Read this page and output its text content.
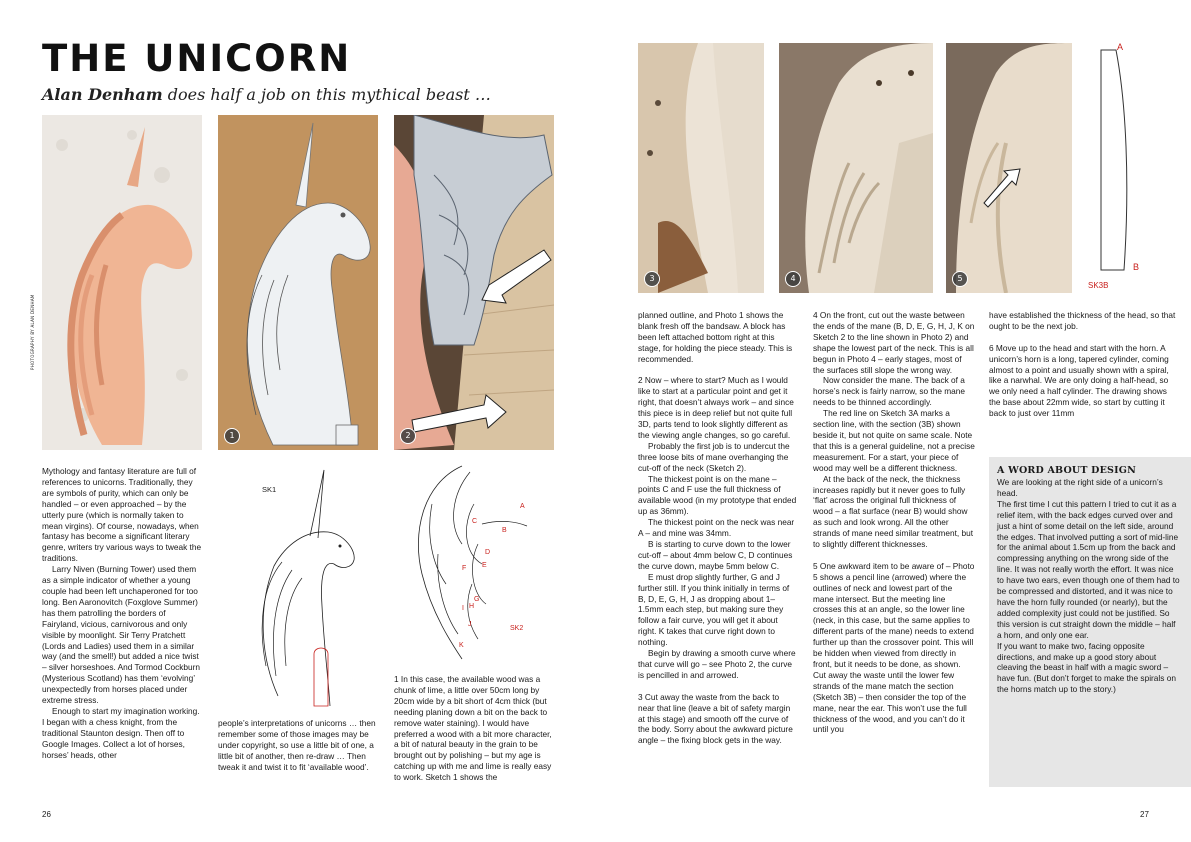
THE UNICORN
Alan Denham does half a job on this mythical beast …
PHOTOGRAPHY BY ALAN DENHAM
1	2
3	4	5
A
B
SK3B
SK1
A
B
C
D
E
F
G
H
I
J
K
SK2

Mythology and fantasy literature are full of references to unicorns. Traditionally, they are symbols of purity, which can only be handled – or even approached – by the utterly pure (which is normally taken to mean virgins). Of course, nowadays, when fantasy has become a significant literary genre, writers try various ways to tweak the traditions.

Larry Niven (Burning Tower) used them as a simple indicator of whether a young couple had been left unchaperoned for too long. Ben Aaronovitch (Foxglove Summer) has them patrolling the borders of Fairyland, vicious, carnivorous and only visible by moonlight. Sir Terry Pratchett (Lords and Ladies) used them in a similar way (and the smell!) but added a nice twist – silver horseshoes. And Tormod Cockburn (Mysterious Scotland) has them ‘evolving’ unexpectedly from horses placed under extreme stress.

Enough to start my imagination working. I began with a chess knight, from the traditional Staunton design. Then off to Google Images. Collect a lot of horses, horses’ heads, other

people’s interpretations of unicorns … then remember some of those images may be under copyright, so use a little bit of one, a little bit of another, then re-draw … Then tweak it and twist it to fit ‘available wood’.

1 In this case, the available wood was a chunk of lime, a little over 50cm long by 20cm wide by a bit short of 4cm thick (but needing planing down a bit on the back to remove water staining). I would have preferred a wood with a bit more character, a bit of natural beauty in the grain to be brought out by polishing – but my age is catching up with me and lime is really easy to work. Sketch 1 shows the

planned outline, and Photo 1 shows the blank fresh off the bandsaw. A block has been left attached bottom right at this stage, for holding the piece steady. This is recommended.

2 Now – where to start? Much as I would like to start at a particular point and get it right, that doesn’t always work – and since this piece is in deep relief but not quite full 3D, parts tend to look slightly different as the viewing angle changes, so go careful.

Probably the first job is to undercut the three loose bits of mane overhanging the cut-off of the neck (Sketch 2).

The thickest point is on the mane – points C and F use the full thickness of available wood (in my prototype that ended up as 36mm).

The thickest point on the neck was near A – and mine was 34mm.

B is starting to curve down to the lower cut-off – about 4mm below C, D continues the curve down, maybe 5mm below C.

E must drop slightly further, G and J further still. If you think initially in terms of B, D, E, G, H, J as dropping about 1–1.5mm each step, but making sure they follow a fair curve, you will get it about right. K takes that curve right down to nothing.

Begin by drawing a smooth curve where that curve will go – see Photo 2, the curve is pencilled in and arrowed.

3 Cut away the waste from the back to near that line (leave a bit of safety margin at this stage) and smooth off the curve of the body. Sorry about the awkward picture angle – the fixing block gets in the way.

4 On the front, cut out the waste between the ends of the mane (B, D, E, G, H, J, K on Sketch 2 to the line shown in Photo 2) and shape the lowest part of the neck. This is all begun in Photo 4 – early stages, most of the surfaces still slope the wrong way.

Now consider the mane. The back of a horse’s neck is fairly narrow, so the mane needs to be thinned accordingly.

The red line on Sketch 3A marks a section line, with the section (3B) shown beside it, but not quite on same scale. Note that this is a general guideline, not a precise measurement. For a start, your piece of wood may well be a different thickness.

At the back of the neck, the thickness increases rapidly but it never goes to fully ‘flat’ across the original full thickness of wood – a flat surface (near B) would show as such and look wrong. All the other strands of mane need similar treatment, but to slightly different thicknesses.

5 One awkward item to be aware of – Photo 5 shows a pencil line (arrowed) where the outlines of neck and lowest part of the mane intersect. But the meeting line crosses this at an angle, so the lower line (neck, in this case, but the same applies to different parts of the mane) needs to extend further up than the crossover point. This will be hidden when viewed from directly in front, but it needs to be done, as shown. Cut away the waste until the lower few strands of the mane match the section (Sketch 3B) – then consider the top of the mane, near the ear. This won’t use the full thickness of the wood, and you can’t do it until you

have established the thickness of the head, so that ought to be the next job.

6 Move up to the head and start with the horn. A unicorn’s horn is a long, tapered cylinder, coming almost to a point and usually shown with a spiral, like a narwhal. We are only doing a half-head, so we only need a half cylinder. The drawing shows the base about 22mm wide, so start by cutting it back to just over 11mm

A WORD ABOUT DESIGN

We are looking at the right side of a unicorn’s head.

The first time I cut this pattern I tried to cut it as a relief item, with the back edges curved over and just a hint of some detail on the left side, around the edges. That involved putting a sort of mid-line for the animal about 1.5cm up from the back and compressing anything on the wrong side of the line. It was not really worth the effort. It was nice to have two ears, even though one of them had to be compressed and distorted, and it was nice to have the horn fully rounded (or nearly), but the added complexity just could not be justified. So this version is cut straight down the middle – half a horn, and only one ear.

If you want to make two, facing opposite directions, and make up a good story about cleaving the beast in half with a magic sword – have fun. (But don’t forget to make the spirals on the horns match up to the story.)

26	27
